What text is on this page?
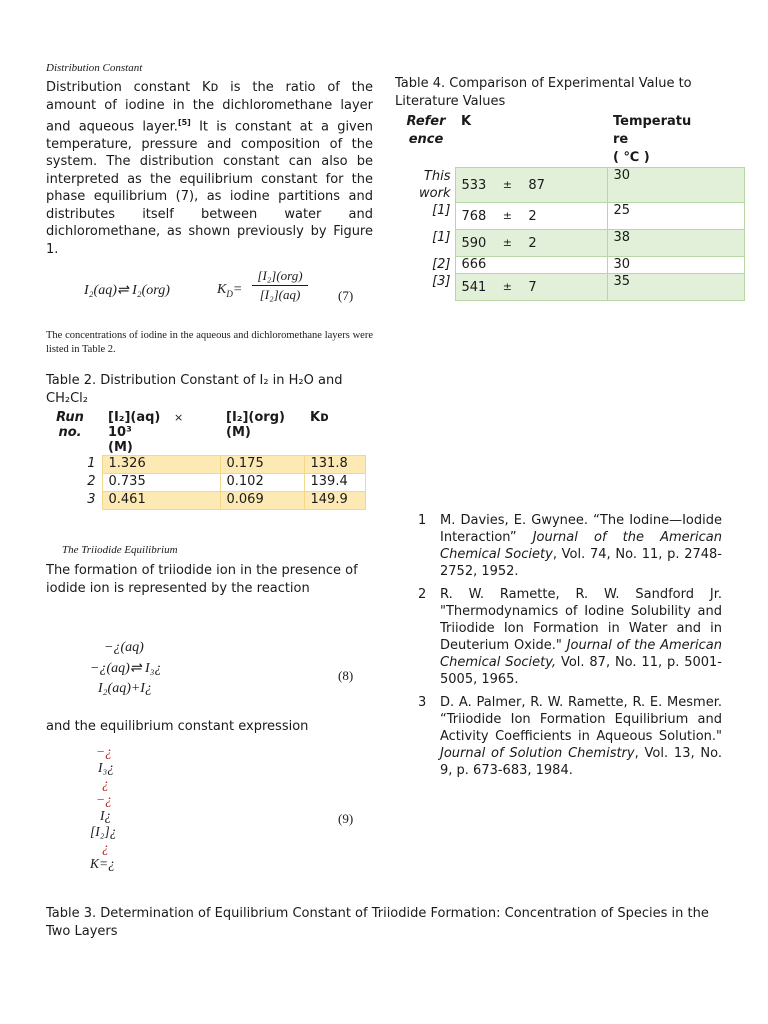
Distribution Constant

Distribution constant Kᴅ is the ratio of the amount of iodine in the dichloromethane layer and aqueous layer.[5] It is constant at a given temperature, pressure and composition of the system. The distribution constant can also be interpreted as the equilibrium constant for the phase equilibrium (7), as iodine partitions and distributes itself between water and dichloromethane, as shown previously by Figure 1.

I₂(aq)⇌ I₂(org)	$K_D=$
[I₂](org)
[I₂](aq)	(7)

The concentrations of iodine in the aqueous and dichloromethane layers were listed in Table 2.

Table 2. Distribution Constant of I₂ in H₂O and CH₂Cl₂

Run no.	[I₂](aq) ×
10³
(M)	[I₂](org)
(M)	Kᴅ
1	1.326	0.175	131.8
2	0.735	0.102	139.4
3	0.461	0.069	149.9
The Triiodide Equilibrium

The formation of triiodide ion in the presence of iodide ion is represented by the reaction

−¿(aq)
−¿(aq)⇌ I₃¿
I₂(aq)+I¿
(8)

and the equilibrium constant expression

−¿
I₃¿
¿
−¿
I¿
[I₂]¿
¿
K=¿
(9)

Table 4. Comparison of Experimental Value to Literature Values

Reference	K	Temperature
( ℃ )

This work	533 ± 87	30
[1]	768 ± 2	25
[1]	590 ± 2	38
[2]	666	30
[3]	541 ± 7	35
1	M. Davies, E. Gwynee. “The Iodine—Iodide Interaction” Journal of the American Chemical Society, Vol. 74, No. 11, p. 2748-2752, 1952.
2	R. W. Ramette, R. W. Sandford Jr. "Thermodynamics of Iodine Solubility and Triiodide Ion Formation in Water and in Deuterium Oxide." Journal of the American Chemical Society, Vol. 87, No. 11, p. 5001-5005, 1965.
3	D. A. Palmer, R. W. Ramette, R. E. Mesmer. “Triiodide Ion Formation Equilibrium and Activity Coefficients in Aqueous Solution." Journal of Solution Chemistry, Vol. 13, No. 9, p. 673-683, 1984.

Table 3. Determination of Equilibrium Constant of Triiodide Formation: Concentration of Species in the Two Layers
